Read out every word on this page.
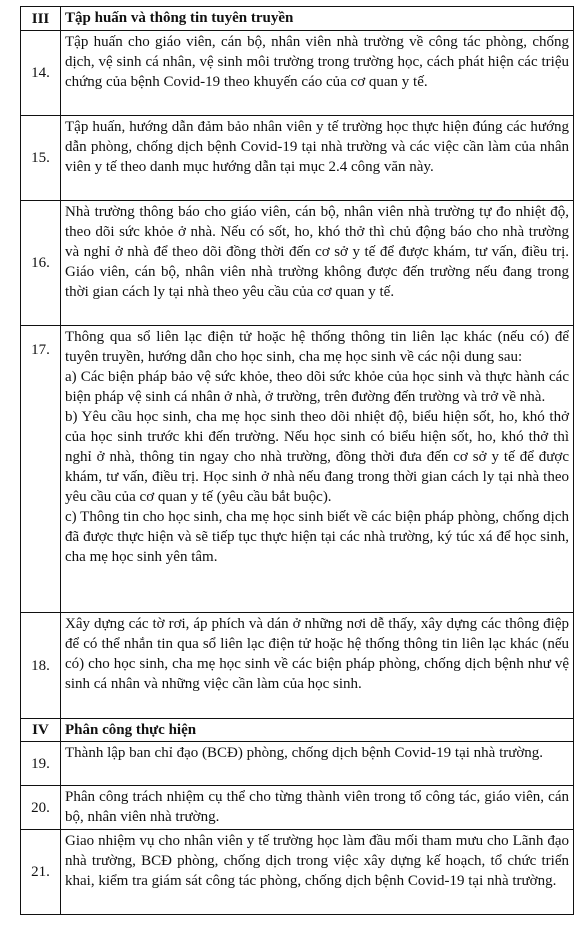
III	Tập huấn và thông tin tuyên truyền
14.	Tập huấn cho giáo viên, cán bộ, nhân viên nhà trường về công tác phòng, chống dịch, vệ sinh cá nhân, vệ sinh môi trường trong trường học, cách phát hiện các triệu chứng của bệnh Covid-19 theo khuyến cáo của cơ quan y tế.

15.	Tập huấn, hướng dẫn đảm bảo nhân viên y tế trường học thực hiện đúng các hướng dẫn phòng, chống dịch bệnh Covid-19 tại nhà trường và các việc cần làm của nhân viên y tế theo danh mục hướng dẫn tại mục 2.4 công văn này.

16.	Nhà trường thông báo cho giáo viên, cán bộ, nhân viên nhà trường tự đo nhiệt độ, theo dõi sức khỏe ở nhà. Nếu có sốt, ho, khó thở thì chủ động báo cho nhà trường và nghỉ ở nhà để theo dõi đồng thời đến cơ sở y tế để được khám, tư vấn, điều trị. Giáo viên, cán bộ, nhân viên nhà trường không được đến trường nếu đang trong thời gian cách ly tại nhà theo yêu cầu của cơ quan y tế.

17.	Thông qua sổ liên lạc điện tử hoặc hệ thống thông tin liên lạc khác (nếu có) để tuyên truyền, hướng dẫn cho học sinh, cha mẹ học sinh về các nội dung sau:
a) Các biện pháp bảo vệ sức khỏe, theo dõi sức khỏe của học sinh và thực hành các biện pháp vệ sinh cá nhân ở nhà, ở trường, trên đường đến trường và trở về nhà.
b) Yêu cầu học sinh, cha mẹ học sinh theo dõi nhiệt độ, biểu hiện sốt, ho, khó thở của học sinh trước khi đến trường. Nếu học sinh có biểu hiện sốt, ho, khó thở thì nghỉ ở nhà, thông tin ngay cho nhà trường, đồng thời đưa đến cơ sở y tế để được khám, tư vấn, điều trị. Học sinh ở nhà nếu đang trong thời gian cách ly tại nhà theo yêu cầu của cơ quan y tế (yêu cầu bắt buộc).
c) Thông tin cho học sinh, cha mẹ học sinh biết về các biện pháp phòng, chống dịch đã được thực hiện và sẽ tiếp tục thực hiện tại các nhà trường, ký túc xá để học sinh, cha mẹ học sinh yên tâm.

18.	Xây dựng các tờ rơi, áp phích và dán ở những nơi dễ thấy, xây dựng các thông điệp để có thể nhắn tin qua sổ liên lạc điện tử hoặc hệ thống thông tin liên lạc khác (nếu có) cho học sinh, cha mẹ học sinh về các biện pháp phòng, chống dịch bệnh như vệ sinh cá nhân và những việc cần làm của học sinh.

IV	Phân công thực hiện
19.	Thành lập ban chỉ đạo (BCĐ) phòng, chống dịch bệnh Covid-19 tại nhà trường.

20.	Phân công trách nhiệm cụ thể cho từng thành viên trong tổ công tác, giáo viên, cán bộ, nhân viên nhà trường.

21.	Giao nhiệm vụ cho nhân viên y tế trường học làm đầu mối tham mưu cho Lãnh đạo nhà trường, BCĐ phòng, chống dịch trong việc xây dựng kế hoạch, tổ chức triển khai, kiểm tra giám sát công tác phòng, chống dịch bệnh Covid-19 tại nhà trường.
